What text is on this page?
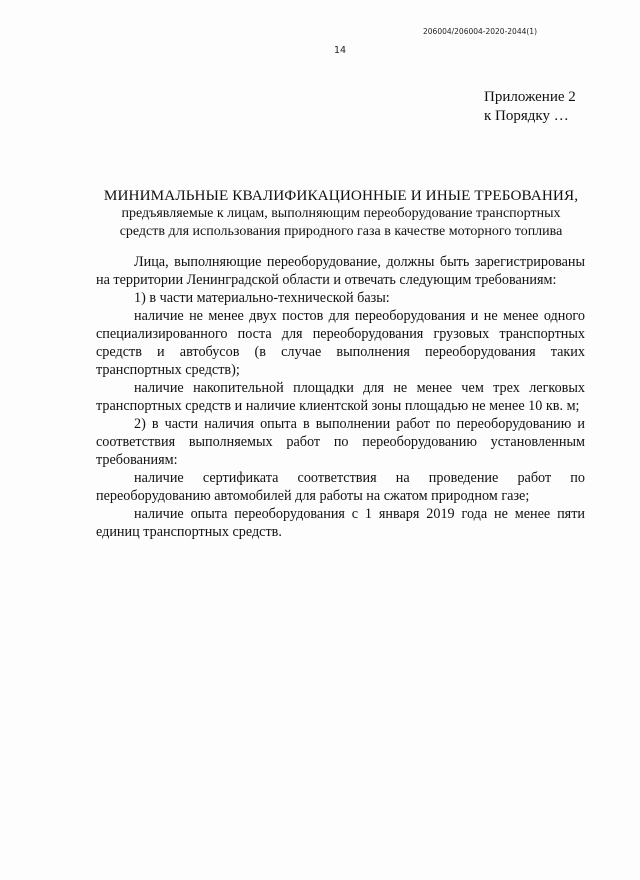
206004/206004-2020-2044(1)
14
Приложение 2
к Порядку …
МИНИМАЛЬНЫЕ КВАЛИФИКАЦИОННЫЕ И ИНЫЕ ТРЕБОВАНИЯ,
предъявляемые к лицам, выполняющим переоборудование транспортных
средств для использования природного газа в качестве моторного топлива

Лица, выполняющие переоборудование, должны быть зарегистрированы на территории Ленинградской области и отвечать следующим требованиям:

1) в части материально-технической базы:

наличие не менее двух постов для переоборудования и не менее одного специализированного поста для переоборудования грузовых транспортных средств и автобусов (в случае выполнения переоборудования таких транспортных средств);

наличие накопительной площадки для не менее чем трех легковых транспортных средств и наличие клиентской зоны площадью не менее 10 кв. м;

2) в части наличия опыта в выполнении работ по переоборудованию и соответствия выполняемых работ по переоборудованию установленным требованиям:

наличие сертификата соответствия на проведение работ по переоборудованию автомобилей для работы на сжатом природном газе;

наличие опыта переоборудования с 1 января 2019 года не менее пяти единиц транспортных средств.
